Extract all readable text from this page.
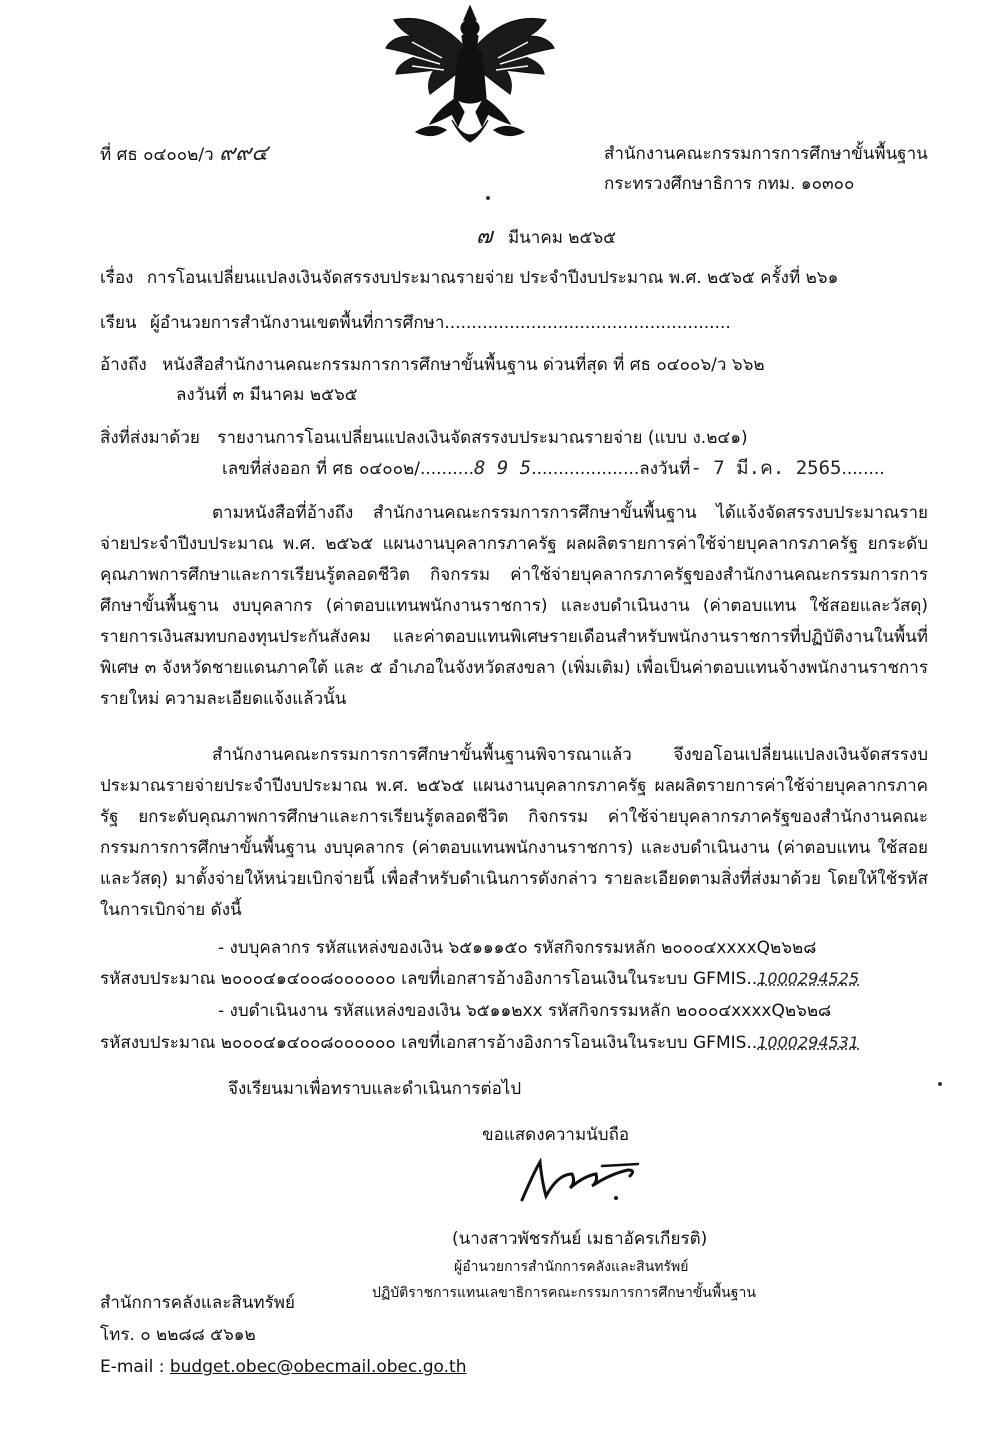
ที่ ศธ ๐๔๐๐๒/ว ๙๙๔	สำนักงานคณะกรรมการการศึกษาขั้นพื้นฐาน
กระทรวงศึกษาธิการ กทม. ๑๐๓๐๐
๗ มีนาคม ๒๕๖๕
เรื่อง การโอนเปลี่ยนแปลงเงินจัดสรรงบประมาณรายจ่าย ประจำปีงบประมาณ พ.ศ. ๒๕๖๕ ครั้งที่ ๒๖๑
เรียน ผู้อำนวยการสำนักงานเขตพื้นที่การศึกษา.....................................................
อ้างถึง หนังสือสำนักงานคณะกรรมการการศึกษาขั้นพื้นฐาน ด่วนที่สุด ที่ ศธ ๐๔๐๐๖/ว ๖๖๒
ลงวันที่ ๓ มีนาคม ๒๕๖๕
สิ่งที่ส่งมาด้วย รายงานการโอนเปลี่ยนแปลงเงินจัดสรรงบประมาณรายจ่าย (แบบ ง.๒๔๑)
เลขที่ส่งออก ที่ ศธ ๐๔๐๐๒/..........8 9 5....................ลงวันที่- 7 มี.ค. 2565........
ตามหนังสือที่อ้างถึง สำนักงานคณะกรรมการการศึกษาขั้นพื้นฐาน ได้แจ้งจัดสรรงบประมาณรายจ่ายประจำปีงบประมาณ พ.ศ. ๒๕๖๕ แผนงานบุคลากรภาครัฐ ผลผลิตรายการค่าใช้จ่ายบุคลากรภาครัฐ ยกระดับคุณภาพการศึกษาและการเรียนรู้ตลอดชีวิต กิจกรรม ค่าใช้จ่ายบุคลากรภาครัฐของสำนักงานคณะกรรมการการศึกษาขั้นพื้นฐาน งบบุคลากร (ค่าตอบแทนพนักงานราชการ) และงบดำเนินงาน (ค่าตอบแทน ใช้สอยและวัสดุ) รายการเงินสมทบกองทุนประกันสังคม และค่าตอบแทนพิเศษรายเดือนสำหรับพนักงานราชการที่ปฏิบัติงานในพื้นที่พิเศษ ๓ จังหวัดชายแดนภาคใต้ และ ๕ อำเภอในจังหวัดสงขลา (เพิ่มเติม) เพื่อเป็นค่าตอบแทนจ้างพนักงานราชการรายใหม่ ความละเอียดแจ้งแล้วนั้น
สำนักงานคณะกรรมการการศึกษาขั้นพื้นฐานพิจารณาแล้ว จึงขอโอนเปลี่ยนแปลงเงินจัดสรรงบประมาณรายจ่ายประจำปีงบประมาณ พ.ศ. ๒๕๖๕ แผนงานบุคลากรภาครัฐ ผลผลิตรายการค่าใช้จ่ายบุคลากรภาครัฐ ยกระดับคุณภาพการศึกษาและการเรียนรู้ตลอดชีวิต กิจกรรม ค่าใช้จ่ายบุคลากรภาครัฐของสำนักงานคณะกรรมการการศึกษาขั้นพื้นฐาน งบบุคลากร (ค่าตอบแทนพนักงานราชการ) และงบดำเนินงาน (ค่าตอบแทน ใช้สอยและวัสดุ) มาตั้งจ่ายให้หน่วยเบิกจ่ายนี้ เพื่อสำหรับดำเนินการดังกล่าว รายละเอียดตามสิ่งที่ส่งมาด้วย โดยให้ใช้รหัสในการเบิกจ่าย ดังนี้
- งบบุคลากร รหัสแหล่งของเงิน ๖๕๑๑๑๕๐ รหัสกิจกรรมหลัก ๒๐๐๐๔xxxxQ๒๖๒๘
รหัสงบประมาณ ๒๐๐๐๔๑๔๐๐๘๐๐๐๐๐๐ เลขที่เอกสารอ้างอิงการโอนเงินในระบบ GFMIS..1000294525
- งบดำเนินงาน รหัสแหล่งของเงิน ๖๕๑๑๒xx รหัสกิจกรรมหลัก ๒๐๐๐๔xxxxQ๒๖๒๘
รหัสงบประมาณ ๒๐๐๐๔๑๔๐๐๘๐๐๐๐๐๐ เลขที่เอกสารอ้างอิงการโอนเงินในระบบ GFMIS..1000294531
จึงเรียนมาเพื่อทราบและดำเนินการต่อไป
ขอแสดงความนับถือ
(นางสาวพัชรกันย์ เมธาอัครเกียรติ)
ผู้อำนวยการสำนักการคลังและสินทรัพย์
ปฏิบัติราชการแทนเลขาธิการคณะกรรมการการศึกษาขั้นพื้นฐาน
สำนักการคลังและสินทรัพย์
โทร. ๐ ๒๒๘๘ ๕๖๑๒
E-mail : budget.obec@obecmail.obec.go.th
